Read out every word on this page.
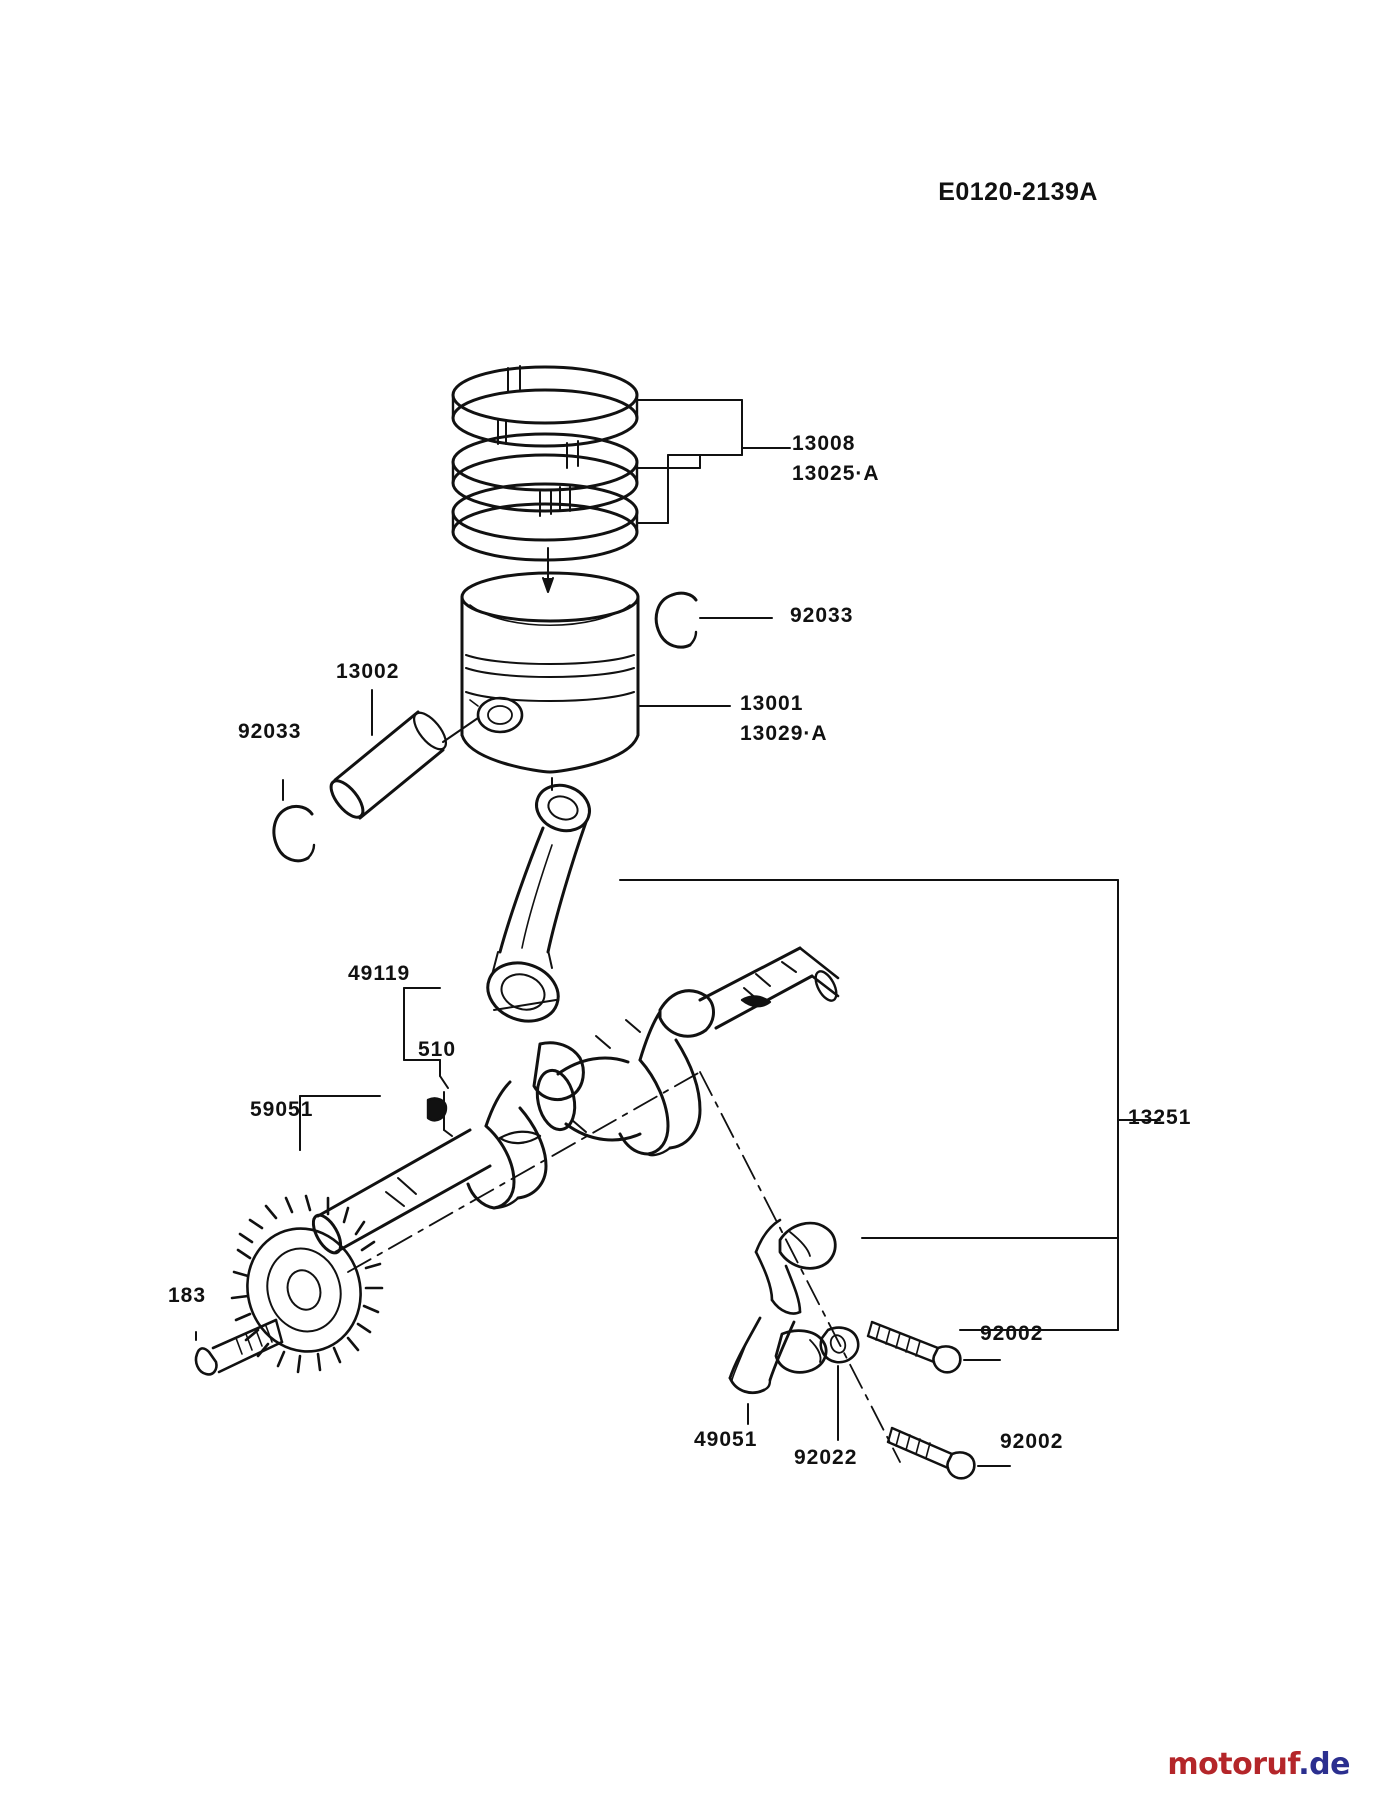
E0120-2139A
13008
13025·A
92033
13002
92033
13001
13029·A
13251
49119
510
59051
183
92002
92002
49051
92022
motoruf.de
